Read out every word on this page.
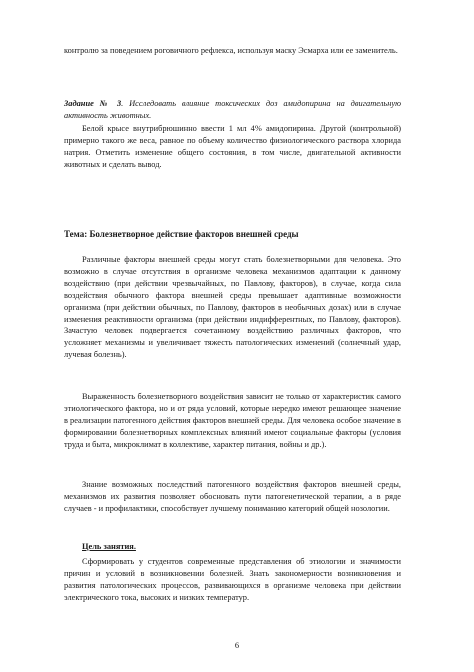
контролю за поведением роговичного рефлекса, используя маску Эсмарха или ее заменитель.

Задание № 3. Исследовать влияние токсических доз амидопирина на двигательную активность животных.

Белой крысе внутрибрюшинно ввести 1 мл 4% амидопирина. Другой (контрольной) примерно такого же веса, равное по объему количество физиологического раствора хлорида натрия. Отметить изменение общего состояния, в том числе, двигательной активности животных и сделать вывод.

Тема: Болезнетворное действие факторов внешней среды

Различные факторы внешней среды могут стать болезнетворными для человека. Это возможно в случае отсутствия в организме человека механизмов адаптации к данному воздействию (при действии чрезвычайных, по Павлову, факторов), в случае, когда сила воздействия обычного фактора внешней среды превышает адаптивные возможности организма (при действии обычных, по Павлову, факторов в необычных дозах) или в случае изменения реактивности организма (при действии индифферентных, по Павлову, факторов). Зачастую человек подвергается сочетанному воздействию различных факторов, что усложняет механизмы и увеличивает тяжесть патологических изменений (солнечный удар, лучевая болезнь).

Выраженность болезнетворного воздействия зависит не только от характеристик самого этиологического фактора, но и от ряда условий, которые нередко имеют решающее значение в реализации патогенного действия факторов внешней среды. Для человека особое значение в формировании болезнетворных комплексных влияний имеют социальные факторы (условия труда и быта, микроклимат в коллективе, характер питания, войны и др.).

Знание возможных последствий патогенного воздействия факторов внешней среды, механизмов их развития позволяет обосновать пути патогенетической терапии, а в ряде случаев - и профилактики, способствует лучшему пониманию категорий общей нозологии.

Цель занятия.

Сформировать у студентов современные представления об этиологии и значимости причин и условий в возникновении болезней. Знать закономерности возникновения и развития патологических процессов, развивающихся в организме человека при действии электрического тока, высоких и низких температур.

6
